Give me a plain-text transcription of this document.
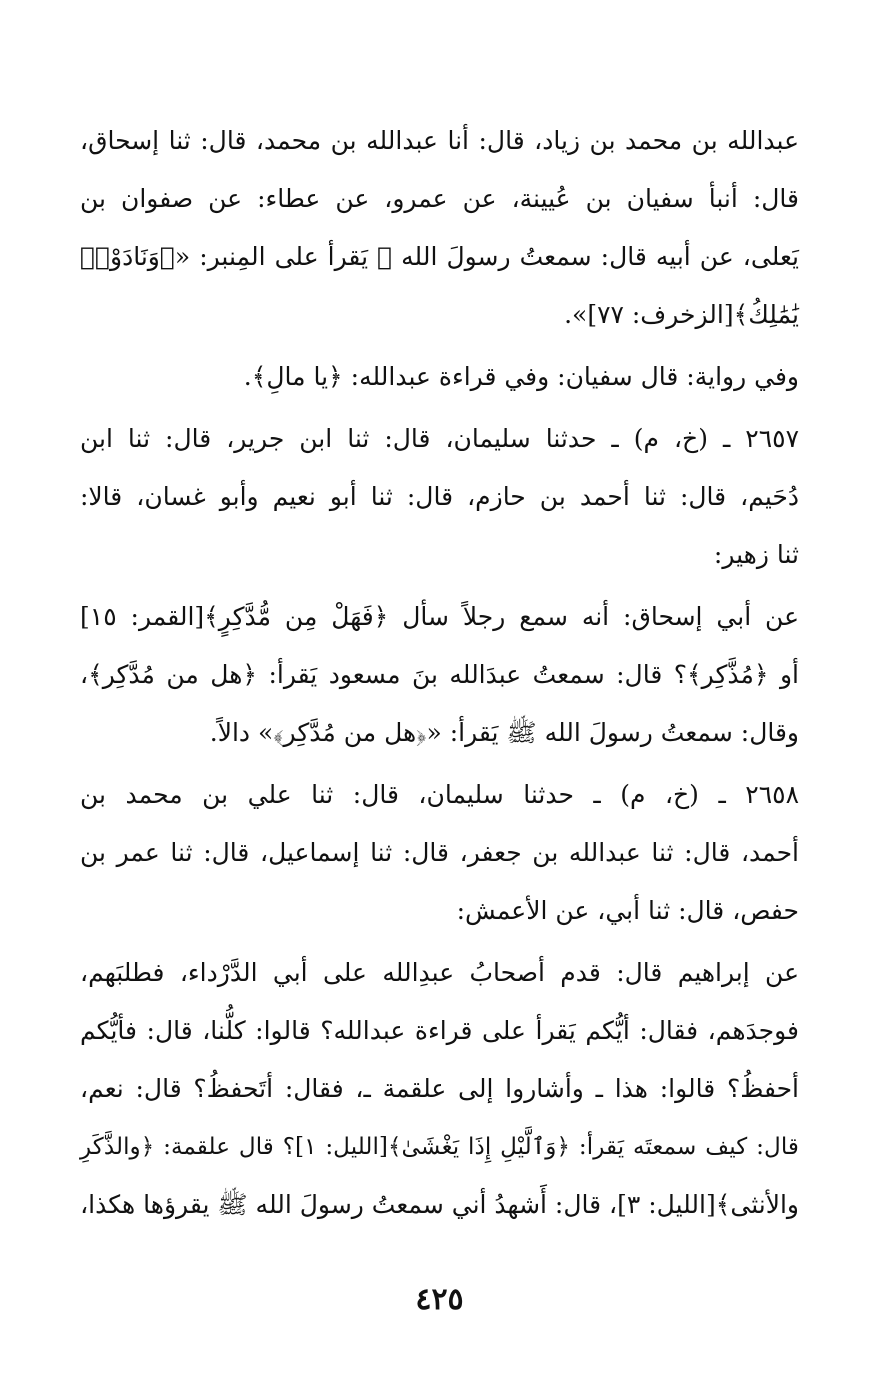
عبدالله بن محمد بن زياد، قال: أنا عبدالله بن محمد، قال: ثنا إسحاق،
قال: أنبأ سفيان بن عُيينة، عن عمرو، عن عطاء: عن صفوان بن
يَعلى، عن أبيه قال: سمعتُ رسولَ الله ﷺ يَقرأ على المِنبر: «﴿وَنَادَوْا۟
يَٰمَٰلِكُ﴾[الزخرف: ٧٧]».
وفي رواية: قال سفيان: وفي قراءة عبدالله: ﴿يا مالِ﴾.
٢٦٥٧ ـ (خ، م) ـ حدثنا سليمان، قال: ثنا ابن جرير، قال: ثنا ابن
دُحَيم، قال: ثنا أحمد بن حازم، قال: ثنا أبو نعيم وأبو غسان، قالا:
ثنا زهير:
عن أبي إسحاق: أنه سمع رجلاً سأل ﴿فَهَلْ مِن مُّدَّكِرٍ﴾[القمر: ١٥]
أو ﴿مُذَّكِر﴾؟ قال: سمعتُ عبدَالله بنَ مسعود يَقرأ: ﴿هل من مُدَّكِر﴾،
وقال: سمعتُ رسولَ الله ﷺ يَقرأ: «﴿هل من مُدَّكِر﴾» دالاً.
٢٦٥٨ ـ (خ، م) ـ حدثنا سليمان، قال: ثنا علي بن محمد بن
أحمد، قال: ثنا عبدالله بن جعفر، قال: ثنا إسماعيل، قال: ثنا عمر بن
حفص، قال: ثنا أبي، عن الأعمش:
عن إبراهيم قال: قدم أصحابُ عبدِالله على أبي الدَّرْداء، فطلبَهم،
فوجدَهم، فقال: أيُّكم يَقرأ على قراءة عبدالله؟ قالوا: كلُّنا، قال: فأيُّكم
أحفظُ؟ قالوا: هذا ـ وأشاروا إلى علقمة ـ، فقال: أتَحفظُ؟ قال: نعم،
قال: كيف سمعتَه يَقرأ: ﴿وَٱلَّيْلِ إِذَا يَغْشَىٰ﴾[الليل: ١]؟ قال علقمة: ﴿والذَّكَرِ
والأنثى﴾[الليل: ٣]، قال: أَشهدُ أني سمعتُ رسولَ الله ﷺ يقرؤها هكذا،
٤٢٥
